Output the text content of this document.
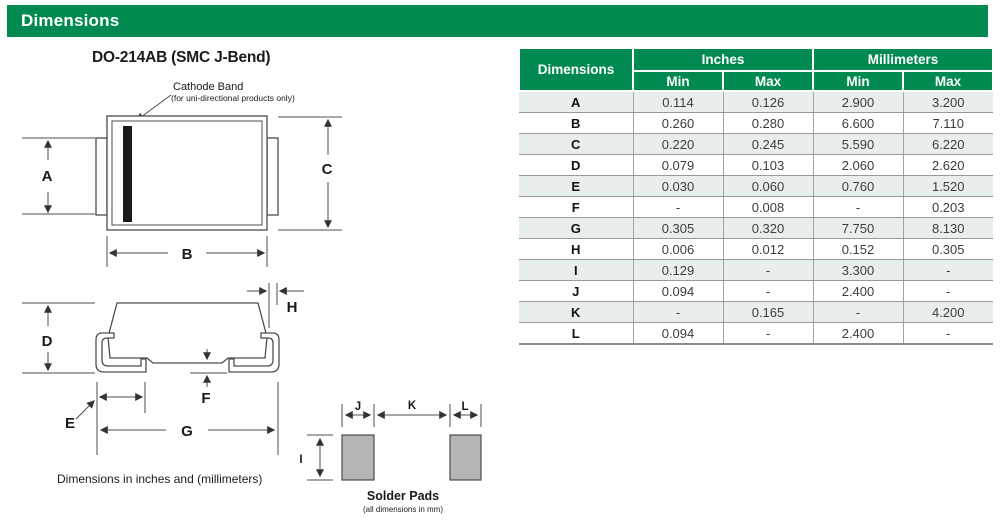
Dimensions
DO-214AB (SMC J-Bend)
Cathode Band
(for uni-directional products only)
A	C
B
D
H
F
E	G
Dimensions in inches and (millimeters)
J	K	L
I
Solder Pads
(all dimensions in mm)
Dimensions	Inches		Millimeters	
	Min	Max	Min	Max
A	0.114	0.126	2.900	3.200
B	0.260	0.280	6.600	7.110
C	0.220	0.245	5.590	6.220
D	0.079	0.103	2.060	2.620
E	0.030	0.060	0.760	1.520
F	-	0.008	-	0.203
G	0.305	0.320	7.750	8.130
H	0.006	0.012	0.152	0.305
I	0.129	-	3.300	-
J	0.094	-	2.400	-
K	-	0.165	-	4.200
L	0.094	-	2.400	-
